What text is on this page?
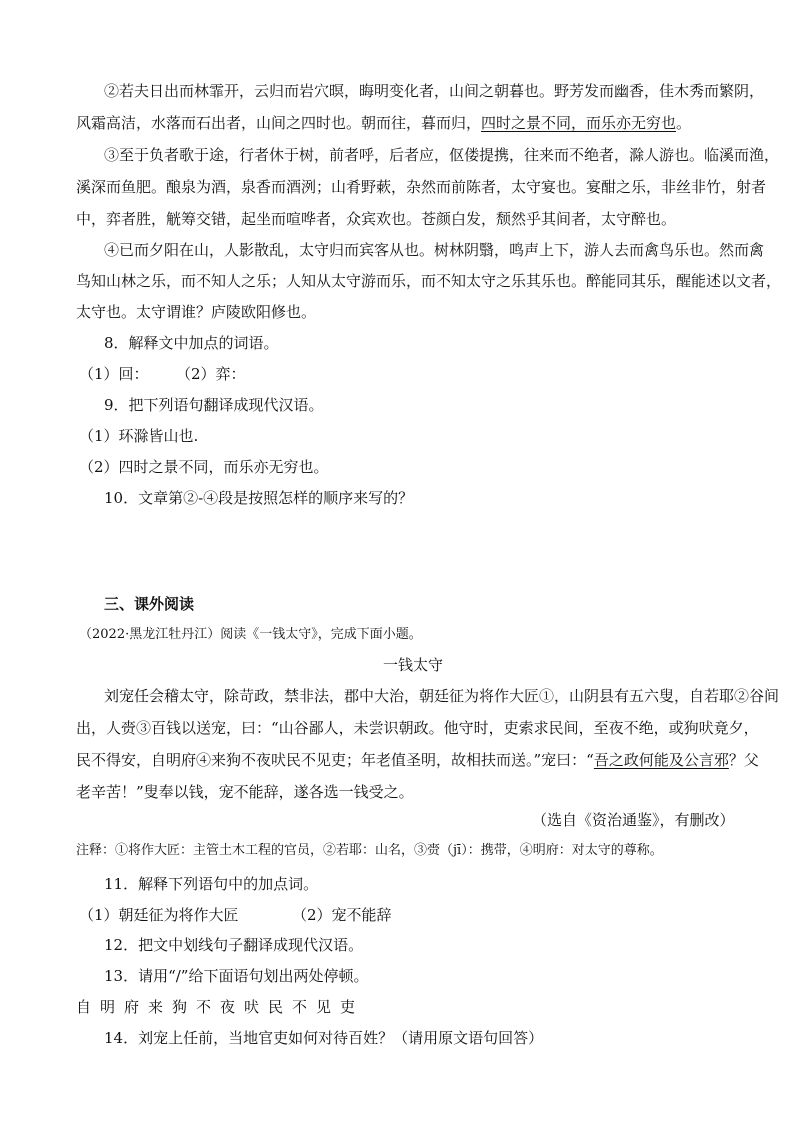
②若夫日出而林霏开，云归而岩穴暝，晦明变化者，山间之朝暮也。野芳发而幽香，佳木秀而繁阴，
风霜高洁，水落而石出者，山间之四时也。朝而往，暮而归，四时之景不同，而乐亦无穷也。
③至于负者歌于途，行者休于树，前者呼，后者应，伛偻提携，往来而不绝者，滁人游也。临溪而渔，
溪深而鱼肥。酿泉为酒，泉香而酒洌；山肴野蔌，杂然而前陈者，太守宴也。宴酣之乐，非丝非竹，射者
中，弈者胜，觥筹交错，起坐而喧哗者，众宾欢也。苍颜白发，颓然乎其间者，太守醉也。
④已而夕阳在山，人影散乱，太守归而宾客从也。树林阴翳，鸣声上下，游人去而禽鸟乐也。然而禽
鸟知山林之乐，而不知人之乐；人知从太守游而乐，而不知太守之乐其乐也。醉能同其乐，醒能述以文者，
太守也。太守谓谁？庐陵欧阳修也。
8．解释文中加点的词语。
（1）回： （2）弈：
9．把下列语句翻译成现代汉语。
（1）环滁皆山也.
（2）四时之景不同，而乐亦无穷也。
10．文章第②-④段是按照怎样的顺序来写的？
三、课外阅读
（2022·黑龙江牡丹江）阅读《一钱太守》，完成下面小题。
一钱太守
刘宠任会稽太守，除苛政，禁非法，郡中大治，朝廷征为将作大匠①，山阴县有五六叟，自若耶②谷间
出，人赍③百钱以送宠，曰：“山谷鄙人，未尝识朝政。他守时，吏索求民间，至夜不绝，或狗吠竟夕，
民不得安，自明府④来狗不夜吠民不见吏；年老值圣明，故相扶而送。”宠曰：“吾之政何能及公言邪？父
老辛苦！”叟奉以钱，宠不能辞，遂各选一钱受之。
（选自《资治通鉴》，有删改）
注释：①将作大匠：主管土木工程的官员，②若耶：山名，③赍（jī）：携带，④明府：对太守的尊称。
11．解释下列语句中的加点词。
（1）朝廷征为将作大匠	（2）宠不能辞
12．把文中划线句子翻译成现代汉语。
13．请用“/”给下面语句划出两处停顿。
自明府来狗不夜吠民不见吏
14．刘宠上任前，当地官吏如何对待百姓？（请用原文语句回答）
